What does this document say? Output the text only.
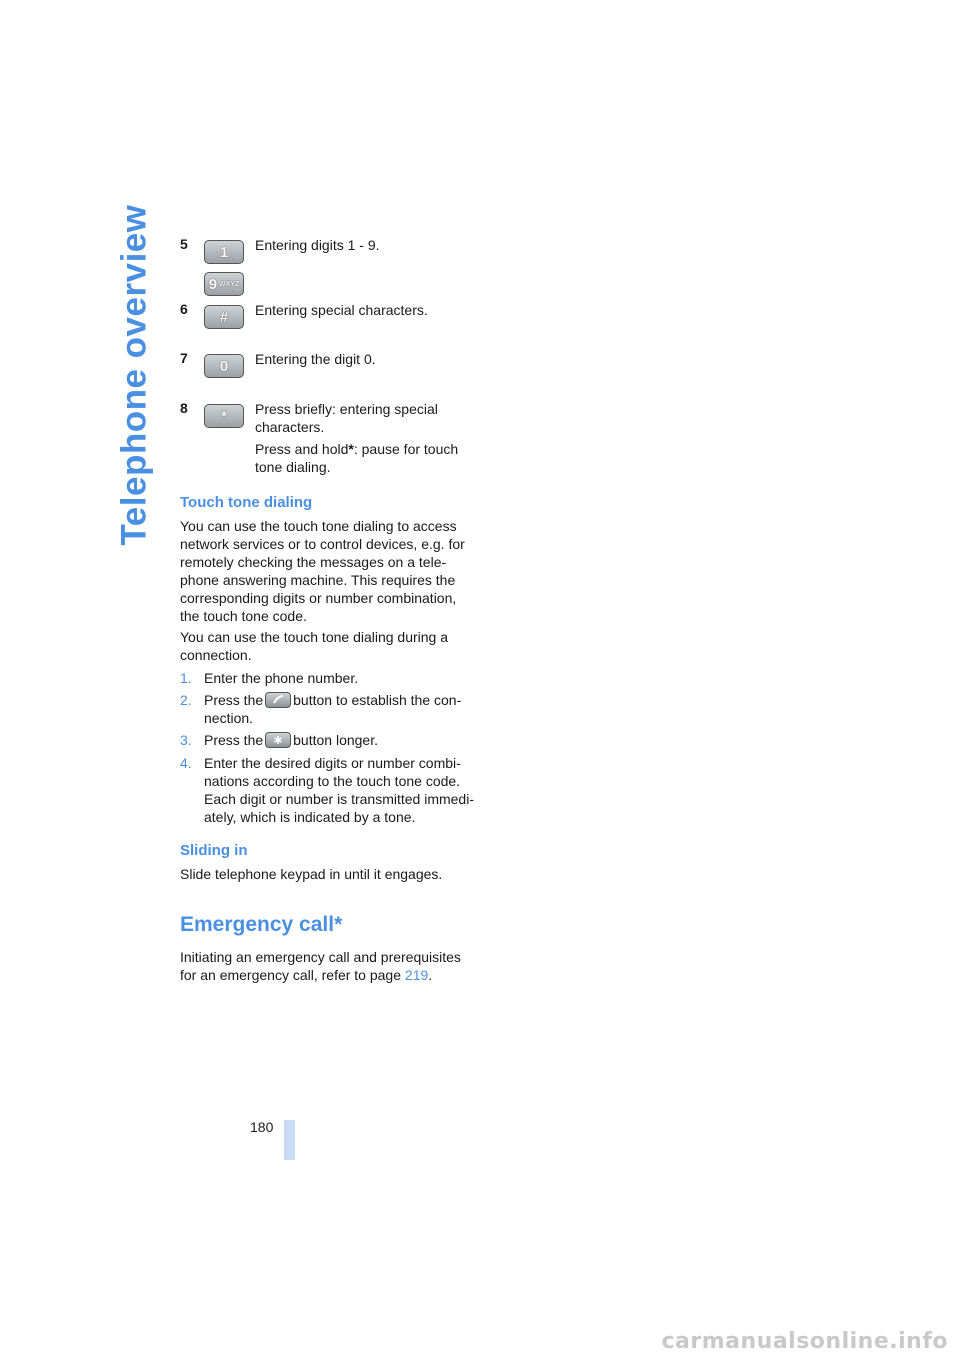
Telephone overview 5 1
9 WXYZ
Entering digits 1 - 9.
6 # Entering special characters.
7 0 Entering the digit 0.
8 * Press briefly: entering special characters.
Press and hold*: pause for touch tone dialing.
Touch tone dialing
You can use the touch tone dialing to access network services or to control devices, e.g. for remotely checking the messages on a tele-phone answering machine. This requires the corresponding digits or number combination, the touch tone code.
You can use the touch tone dialing during a connection.
1. Enter the phone number.
2. Press the button to establish the con-nection.
3. Press the button longer.
4. Enter the desired digits or number combi-nations according to the touch tone code. Each digit or number is transmitted immedi-ately, which is indicated by a tone.
Sliding in
Slide telephone keypad in until it engages.
Emergency call*
Initiating an emergency call and prerequisites for an emergency call, refer to page 219.
180
carmanualsonline.info
